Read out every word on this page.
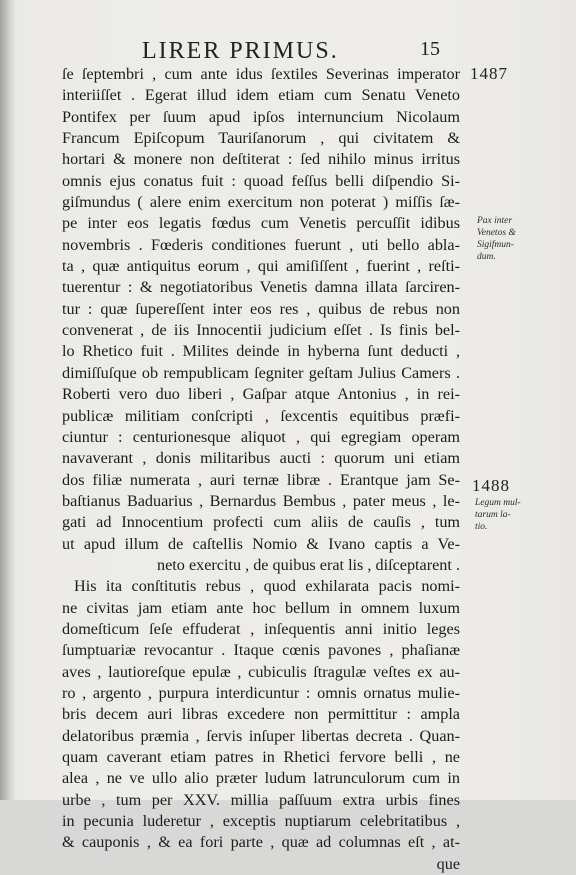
LIRER PRIMUS.	15
1487
Pax inter
Venetos &
Sigifmun-
dum.
1488
Legum mul-
tarum la-
tio.
ſe ſeptembri , cum ante idus ſextiles Severinas imperator
interiiſſet . Egerat illud idem etiam cum Senatu Veneto
Pontifex per ſuum apud ipſos internuncium Nicolaum
Francum Epiſcopum Tauriſanorum , qui civitatem &
hortari & monere non deſtiterat : ſed nihilo minus irritus
omnis ejus conatus fuit : quoad feſſus belli diſpendio Si-
giſmundus ( alere enim exercitum non poterat ) miſſis ſæ-
pe inter eos legatis fœdus cum Venetis percuſſit idibus
novembris . Fœderis conditiones fuerunt , uti bello abla-
ta , quæ antiquitus eorum , qui amiſiſſent , fuerint , reſti-
tuerentur : & negotiatoribus Venetis damna illata ſarciren-
tur : quæ ſupereſſent inter eos res , quibus de rebus non
convenerat , de iis Innocentii judicium eſſet . Is finis bel-
lo Rhetico fuit . Milites deinde in hyberna ſunt deducti ,
dimiſſuſque ob rempublicam ſegniter geſtam Julius Camers .
Roberti vero duo liberi , Gaſpar atque Antonius , in rei-
publicæ militiam conſcripti , ſexcentis equitibus præfi-
ciuntur : centurionesque aliquot , qui egregiam operam
navaverant , donis militaribus aucti : quorum uni etiam
dos filiæ numerata , auri ternæ libræ . Erantque jam Se-
baſtianus Baduarius , Bernardus Bembus , pater meus , le-
gati ad Innocentium profecti cum aliis de cauſis , tum
ut apud illum de caſtellis Nomio & Ivano captis a Ve-
neto exercitu , de quibus erat lis , diſceptarent .
His ita conſtitutis rebus , quod exhilarata pacis nomi-
ne civitas jam etiam ante hoc bellum in omnem luxum
domeſticum ſeſe effuderat , inſequentis anni initio leges
ſumptuariæ revocantur . Itaque cœnis pavones , phaſianæ
aves , lautioreſque epulæ , cubiculis ſtragulæ veſtes ex au-
ro , argento , purpura interdicuntur : omnis ornatus mulie-
bris decem auri libras excedere non permittitur : ampla
delatoribus præmia , ſervis inſuper libertas decreta . Quan-
quam caverant etiam patres in Rhetici fervore belli , ne
alea , ne ve ullo alio præter ludum latrunculorum cum in
urbe , tum per XXV. millia paſſuum extra urbis fines
in pecunia luderetur , exceptis nuptiarum celebritatibus ,
& cauponis , & ea fori parte , quæ ad columnas eſt , at-
que
